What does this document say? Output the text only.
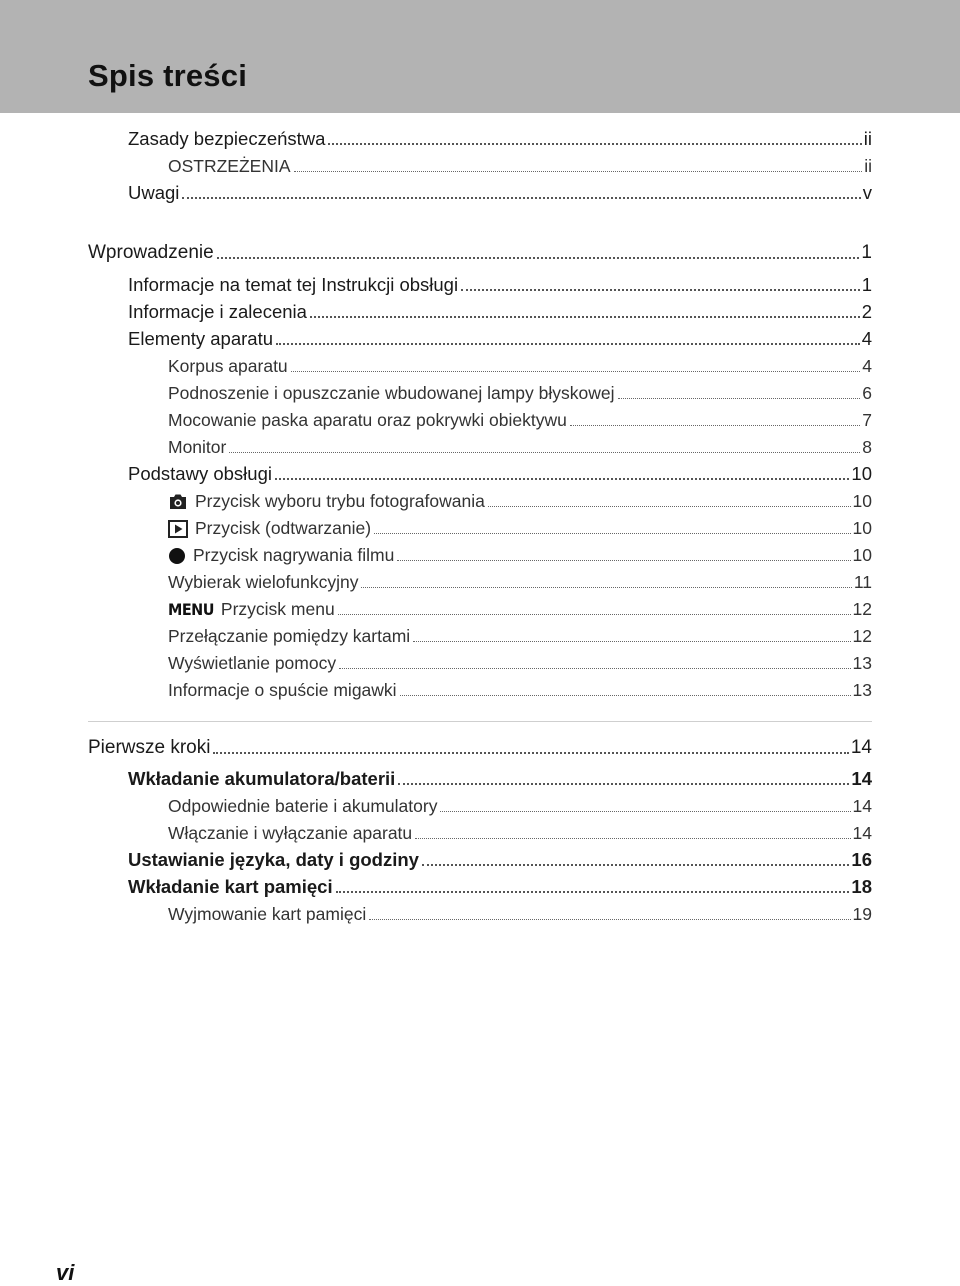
Spis treści
Zasady bezpieczeństwa	ii
OSTRZEŻENIA	ii
Uwagi	v
Wprowadzenie	1
Informacje na temat tej Instrukcji obsługi	1
Informacje i zalecenia	2
Elementy aparatu	4
Korpus aparatu	4
Podnoszenie i opuszczanie wbudowanej lampy błyskowej	6
Mocowanie paska aparatu oraz pokrywki obiektywu	7
Monitor	8
Podstawy obsługi	10
Przycisk wyboru trybu fotografowania	10
Przycisk (odtwarzanie)	10
Przycisk nagrywania filmu	10
Wybierak wielofunkcyjny	11
MENU Przycisk menu	12
Przełączanie pomiędzy kartami	12
Wyświetlanie pomocy	13
Informacje o spuście migawki	13
Pierwsze kroki	14
Wkładanie akumulatora/baterii	14
Odpowiednie baterie i akumulatory	14
Włączanie i wyłączanie aparatu	14
Ustawianie języka, daty i godziny	16
Wkładanie kart pamięci	18
Wyjmowanie kart pamięci	19
vi
